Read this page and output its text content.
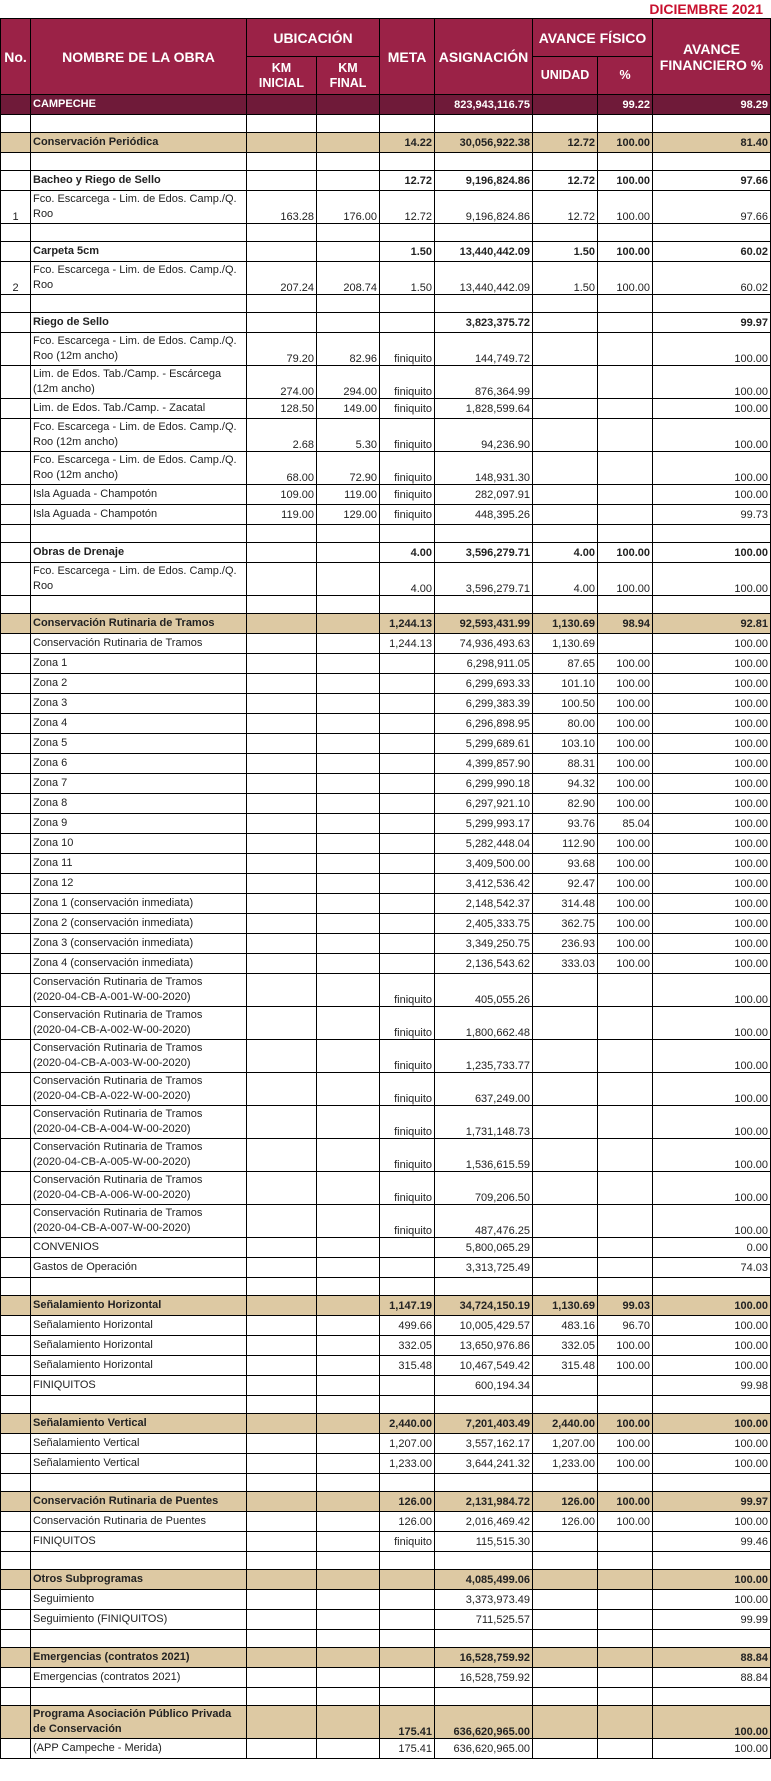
DICIEMBRE 2021
No.	NOMBRE DE LA OBRA	UBICACIÓN		META	ASIGNACIÓN	AVANCE FÍSICO		AVANCE FINANCIERO %
		KM INICIAL	KM FINAL			UNIDAD	%	
	CAMPECHE				823,943,116.75		99.22	98.29

	Conservación Periódica			14.22	30,056,922.38	12.72	100.00	81.40

	Bacheo y Riego de Sello			12.72	9,196,824.86	12.72	100.00	97.66
1	Fco. Escarcega - Lim. de Edos. Camp./Q.
Roo	163.28	176.00	12.72	9,196,824.86	12.72	100.00	97.66

	Carpeta 5cm			1.50	13,440,442.09	1.50	100.00	60.02
2	Fco. Escarcega - Lim. de Edos. Camp./Q.
Roo	207.24	208.74	1.50	13,440,442.09	1.50	100.00	60.02

	Riego de Sello				3,823,375.72			99.97
	Fco. Escarcega - Lim. de Edos. Camp./Q.
Roo (12m ancho)	79.20	82.96	finiquito	144,749.72			100.00
	Lim. de Edos. Tab./Camp. - Escárcega
(12m ancho)	274.00	294.00	finiquito	876,364.99			100.00
	Lim. de Edos. Tab./Camp. - Zacatal	128.50	149.00	finiquito	1,828,599.64			100.00
	Fco. Escarcega - Lim. de Edos. Camp./Q.
Roo (12m ancho)	2.68	5.30	finiquito	94,236.90			100.00
	Fco. Escarcega - Lim. de Edos. Camp./Q.
Roo (12m ancho)	68.00	72.90	finiquito	148,931.30			100.00
	Isla Aguada - Champotón	109.00	119.00	finiquito	282,097.91			100.00
	Isla Aguada - Champotón	119.00	129.00	finiquito	448,395.26			99.73

	Obras de Drenaje			4.00	3,596,279.71	4.00	100.00	100.00
	Fco. Escarcega - Lim. de Edos. Camp./Q.
Roo			4.00	3,596,279.71	4.00	100.00	100.00

	Conservación Rutinaria de Tramos			1,244.13	92,593,431.99	1,130.69	98.94	92.81
	Conservación Rutinaria de Tramos			1,244.13	74,936,493.63	1,130.69		100.00
	Zona 1				6,298,911.05	87.65	100.00	100.00
	Zona 2				6,299,693.33	101.10	100.00	100.00
	Zona 3				6,299,383.39	100.50	100.00	100.00
	Zona 4				6,296,898.95	80.00	100.00	100.00
	Zona 5				5,299,689.61	103.10	100.00	100.00
	Zona 6				4,399,857.90	88.31	100.00	100.00
	Zona 7				6,299,990.18	94.32	100.00	100.00
	Zona 8				6,297,921.10	82.90	100.00	100.00
	Zona 9				5,299,993.17	93.76	85.04	100.00
	Zona 10				5,282,448.04	112.90	100.00	100.00
	Zona 11				3,409,500.00	93.68	100.00	100.00
	Zona 12				3,412,536.42	92.47	100.00	100.00
	Zona 1 (conservación inmediata)				2,148,542.37	314.48	100.00	100.00
	Zona 2 (conservación inmediata)				2,405,333.75	362.75	100.00	100.00
	Zona 3 (conservación inmediata)				3,349,250.75	236.93	100.00	100.00
	Zona 4 (conservación inmediata)				2,136,543.62	333.03	100.00	100.00
	Conservación Rutinaria de Tramos
(2020-04-CB-A-001-W-00-2020)			finiquito	405,055.26			100.00
	Conservación Rutinaria de Tramos
(2020-04-CB-A-002-W-00-2020)			finiquito	1,800,662.48			100.00
	Conservación Rutinaria de Tramos
(2020-04-CB-A-003-W-00-2020)			finiquito	1,235,733.77			100.00
	Conservación Rutinaria de Tramos
(2020-04-CB-A-022-W-00-2020)			finiquito	637,249.00			100.00
	Conservación Rutinaria de Tramos
(2020-04-CB-A-004-W-00-2020)			finiquito	1,731,148.73			100.00
	Conservación Rutinaria de Tramos
(2020-04-CB-A-005-W-00-2020)			finiquito	1,536,615.59			100.00
	Conservación Rutinaria de Tramos
(2020-04-CB-A-006-W-00-2020)			finiquito	709,206.50			100.00
	Conservación Rutinaria de Tramos
(2020-04-CB-A-007-W-00-2020)			finiquito	487,476.25			100.00
	CONVENIOS				5,800,065.29			0.00
	Gastos de Operación				3,313,725.49			74.03

	Señalamiento Horizontal			1,147.19	34,724,150.19	1,130.69	99.03	100.00
	Señalamiento Horizontal			499.66	10,005,429.57	483.16	96.70	100.00
	Señalamiento Horizontal			332.05	13,650,976.86	332.05	100.00	100.00
	Señalamiento Horizontal			315.48	10,467,549.42	315.48	100.00	100.00
	FINIQUITOS				600,194.34			99.98

	Señalamiento Vertical			2,440.00	7,201,403.49	2,440.00	100.00	100.00
	Señalamiento Vertical			1,207.00	3,557,162.17	1,207.00	100.00	100.00
	Señalamiento Vertical			1,233.00	3,644,241.32	1,233.00	100.00	100.00

	Conservación Rutinaria de Puentes			126.00	2,131,984.72	126.00	100.00	99.97
	Conservación Rutinaria de Puentes			126.00	2,016,469.42	126.00	100.00	100.00
	FINIQUITOS			finiquito	115,515.30			99.46

	Otros Subprogramas				4,085,499.06			100.00
	Seguimiento				3,373,973.49			100.00
	Seguimiento (FINIQUITOS)				711,525.57			99.99

	Emergencias (contratos 2021)				16,528,759.92			88.84
	Emergencias (contratos 2021)				16,528,759.92			88.84

	Programa Asociación Público Privada
de Conservación			175.41	636,620,965.00			100.00
	(APP Campeche - Merida)			175.41	636,620,965.00			100.00
